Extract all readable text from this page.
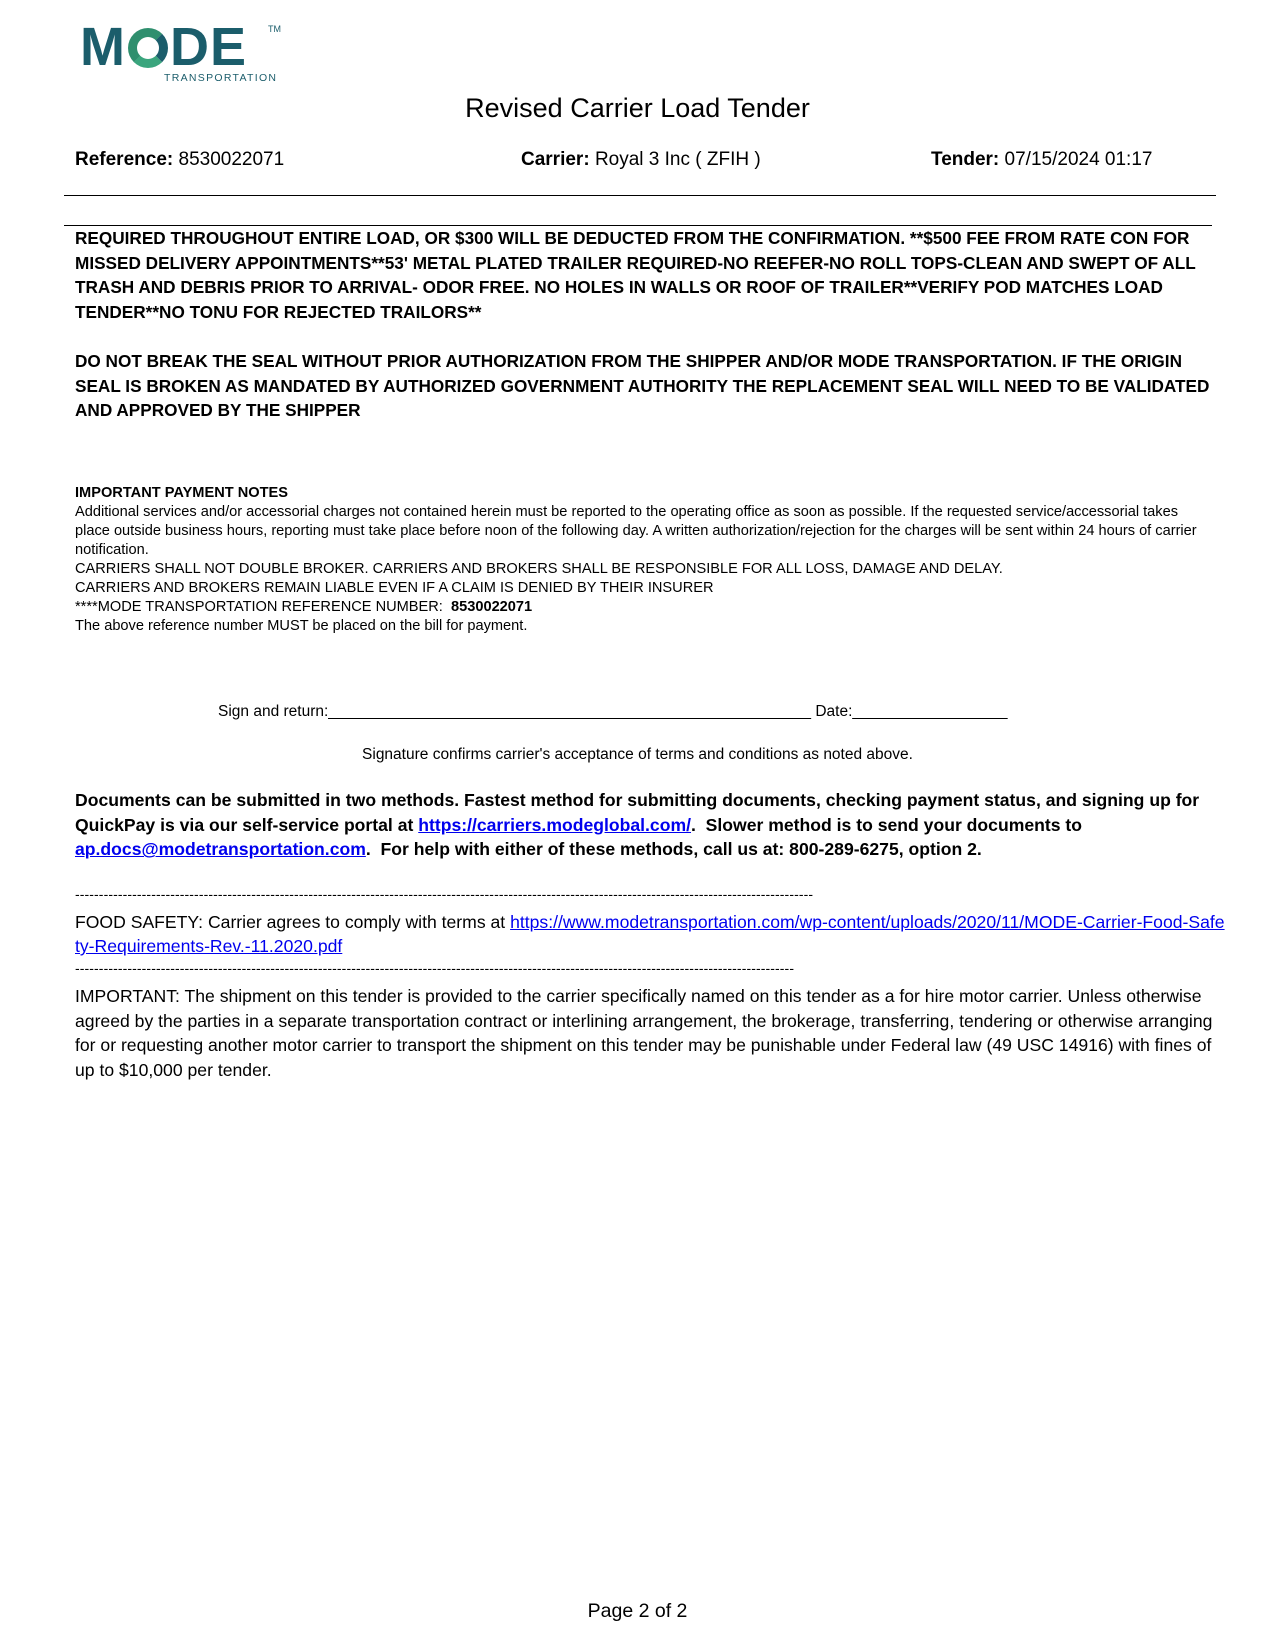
M DE TM
TRANSPORTATION
Revised Carrier Load Tender
Reference: 8530022071	Carrier: Royal 3 Inc ( ZFIH )	Tender: 07/15/2024 01:17
REQUIRED THROUGHOUT ENTIRE LOAD, OR $300 WILL BE DEDUCTED FROM THE CONFIRMATION. **$500 FEE FROM RATE CON FOR MISSED DELIVERY APPOINTMENTS**53' METAL PLATED TRAILER REQUIRED-NO REEFER-NO ROLL TOPS-CLEAN AND SWEPT OF ALL TRASH AND DEBRIS PRIOR TO ARRIVAL- ODOR FREE. NO HOLES IN WALLS OR ROOF OF TRAILER**VERIFY POD MATCHES LOAD TENDER**NO TONU FOR REJECTED TRAILORS**
DO NOT BREAK THE SEAL WITHOUT PRIOR AUTHORIZATION FROM THE SHIPPER AND/OR MODE TRANSPORTATION. IF THE ORIGIN SEAL IS BROKEN AS MANDATED BY AUTHORIZED GOVERNMENT AUTHORITY THE REPLACEMENT SEAL WILL NEED TO BE VALIDATED AND APPROVED BY THE SHIPPER
IMPORTANT PAYMENT NOTES
Additional services and/or accessorial charges not contained herein must be reported to the operating office as soon as possible. If the requested service/accessorial takes place outside business hours, reporting must take place before noon of the following day. A written authorization/rejection for the charges will be sent within 24 hours of carrier notification.
CARRIERS SHALL NOT DOUBLE BROKER. CARRIERS AND BROKERS SHALL BE RESPONSIBLE FOR ALL LOSS, DAMAGE AND DELAY.
CARRIERS AND BROKERS REMAIN LIABLE EVEN IF A CLAIM IS DENIED BY THEIR INSURER
****MODE TRANSPORTATION REFERENCE NUMBER:  8530022071
The above reference number MUST be placed on the bill for payment.
Sign and return:________________________________________________________ Date:__________________
Signature confirms carrier's acceptance of terms and conditions as noted above.
Documents can be submitted in two methods. Fastest method for submitting documents, checking payment status, and signing up for QuickPay is via our self-service portal at https://carriers.modeglobal.com/.  Slower method is to send your documents to ap.docs@modetransportation.com.  For help with either of these methods, call us at: 800-289-6275, option 2.
-----------------------------------------------------------------------------------------------------------------------------------------------------------
FOOD SAFETY: Carrier agrees to comply with terms at https://www.modetransportation.com/wp-content/uploads/2020/11/MODE-Carrier-Food-Safety-Requirements-Rev.-11.2020.pdf
-------------------------------------------------------------------------------------------------------------------------------------------------------
IMPORTANT: The shipment on this tender is provided to the carrier specifically named on this tender as a for hire motor carrier. Unless otherwise agreed by the parties in a separate transportation contract or interlining arrangement, the brokerage, transferring, tendering or otherwise arranging for or requesting another motor carrier to transport the shipment on this tender may be punishable under Federal law (49 USC 14916) with fines of up to $10,000 per tender.
Page 2 of 2
